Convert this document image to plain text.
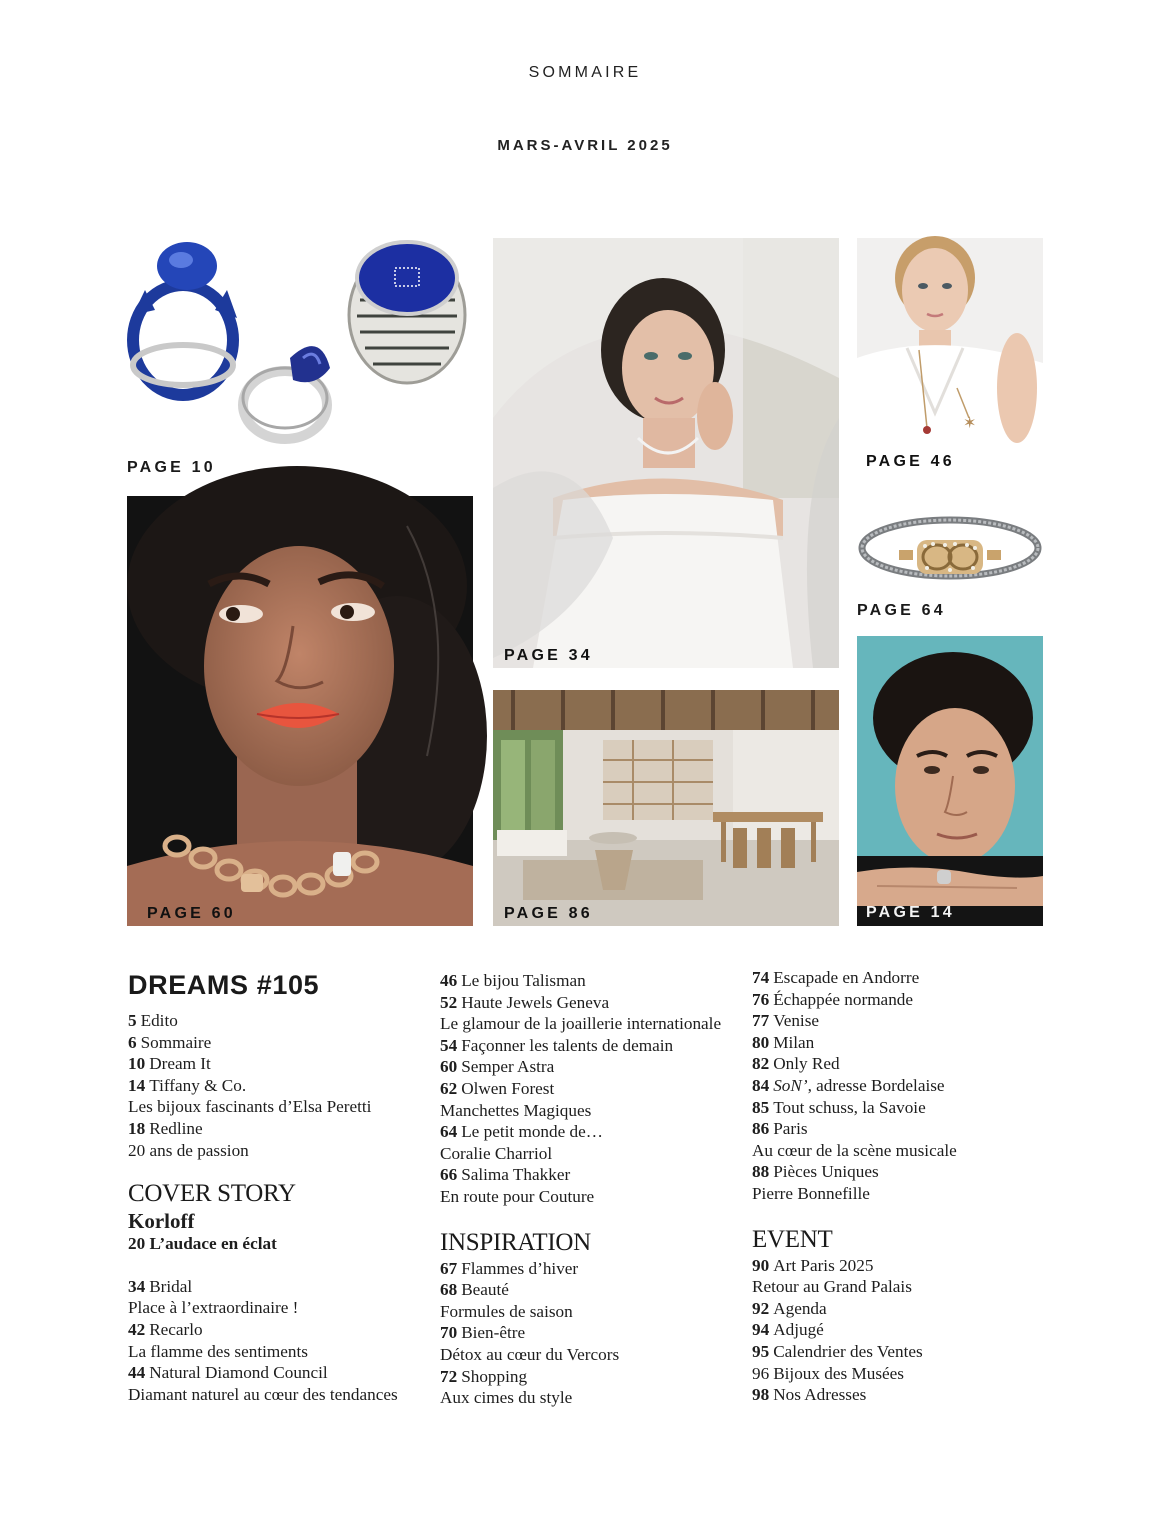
SOMMAIRE
MARS-AVRIL 2025
PAGE 10
PAGE 34
✶
PAGE 46
PAGE 64
PAGE 60	PAGE 86	PAGE 14
DREAMS #105
5 Edito
6 Sommaire
10 Dream It
14 Tiffany & Co.
Les bijoux fascinants d’Elsa Peretti
18 Redline
20 ans de passion
COVER STORY
Korloff
20 L’audace en éclat
34 Bridal
Place à l’extraordinaire !
42 Recarlo
La flamme des sentiments
44 Natural Diamond Council
Diamant naturel au cœur des tendances
46 Le bijou Talisman
52 Haute Jewels Geneva
Le glamour de la joaillerie internationale
54 Façonner les talents de demain
60 Semper Astra
62 Olwen Forest
Manchettes Magiques
64 Le petit monde de…
Coralie Charriol
66 Salima Thakker
En route pour Couture
INSPIRATION
67 Flammes d’hiver
68 Beauté
Formules de saison
70 Bien-être
Détox au cœur du Vercors
72 Shopping
Aux cimes du style
74 Escapade en Andorre
76 Échappée normande
77 Venise
80 Milan
82 Only Red
84 SoN’, adresse Bordelaise
85 Tout schuss, la Savoie
86 Paris
Au cœur de la scène musicale
88 Pièces Uniques
Pierre Bonnefille
EVENT
90 Art Paris 2025
Retour au Grand Palais
92 Agenda
94 Adjugé
95 Calendrier des Ventes
96 Bijoux des Musées
98 Nos Adresses
